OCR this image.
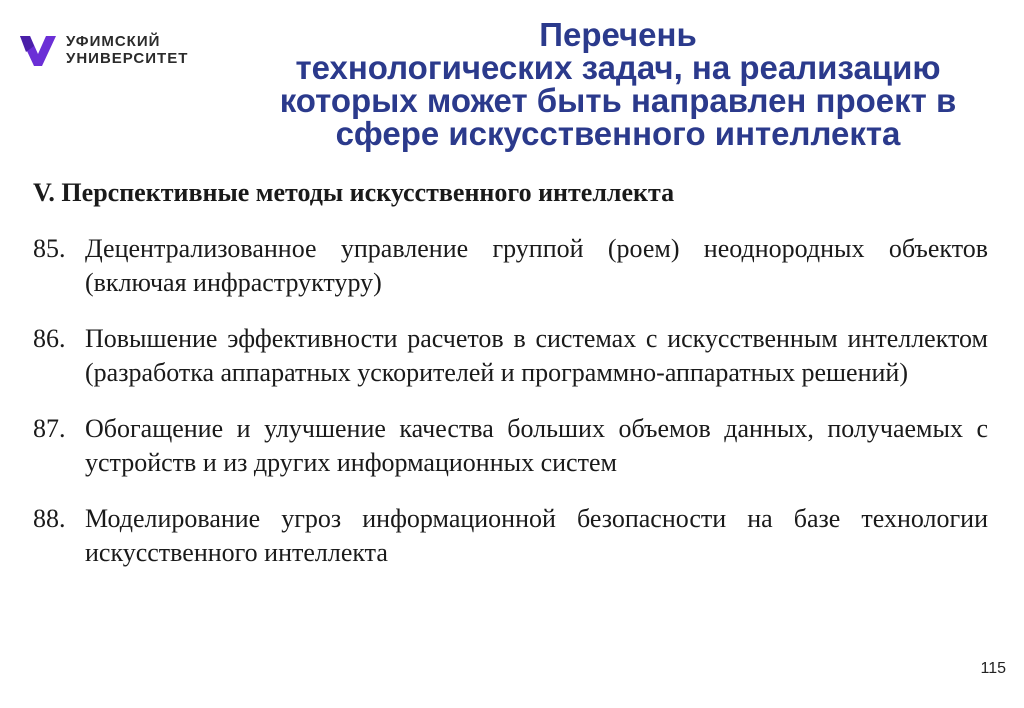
УФИМСКИЙ
УНИВЕРСИТЕТ
Перечень
технологических задач, на реализацию
которых может быть направлен проект в
сфере искусственного интеллекта
V. Перспективные методы искусственного интеллекта
85. Децентрализованное управление группой (роем) неоднородных объектов (включая инфраструктуру)
86. Повышение эффективности расчетов в системах с искусственным интеллектом (разработка аппаратных ускорителей и программно-аппаратных решений)
87. Обогащение и улучшение качества больших объемов данных, получаемых с устройств и из других информационных систем
88. Моделирование угроз информационной безопасности на базе технологии искусственного интеллекта
115
